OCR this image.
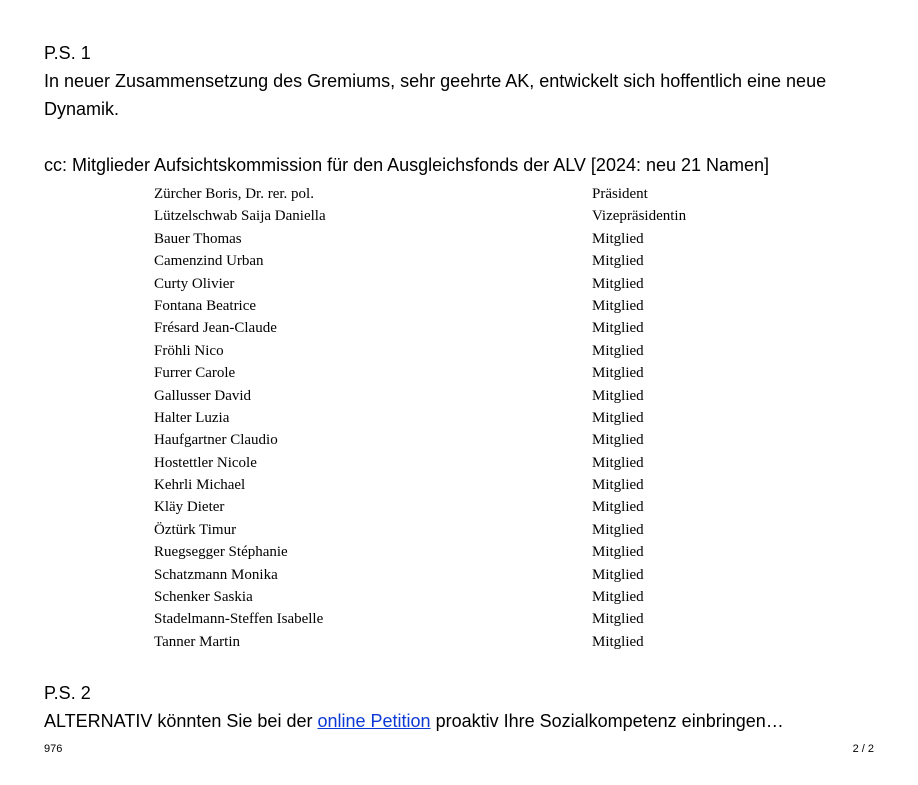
P.S. 1
In neuer Zusammensetzung des Gremiums, sehr geehrte AK, entwickelt sich hoffentlich eine neue
Dynamik.
cc: Mitglieder Aufsichtskommission für den Ausgleichsfonds der ALV [2024: neu 21 Namen]
Zürcher Boris, Dr. rer. pol.	Präsident
Lützelschwab Saija Daniella	Vizepräsidentin
Bauer Thomas	Mitglied
Camenzind Urban	Mitglied
Curty Olivier	Mitglied
Fontana Beatrice	Mitglied
Frésard Jean-Claude	Mitglied
Fröhli Nico	Mitglied
Furrer Carole	Mitglied
Gallusser David	Mitglied
Halter Luzia	Mitglied
Haufgartner Claudio	Mitglied
Hostettler Nicole	Mitglied
Kehrli Michael	Mitglied
Kläy Dieter	Mitglied
Öztürk Timur	Mitglied
Ruegsegger Stéphanie	Mitglied
Schatzmann Monika	Mitglied
Schenker Saskia	Mitglied
Stadelmann-Steffen Isabelle	Mitglied
Tanner Martin	Mitglied
P.S. 2
ALTERNATIV könnten Sie bei der online Petition proaktiv Ihre Sozialkompetenz einbringen…
976	2 / 2
